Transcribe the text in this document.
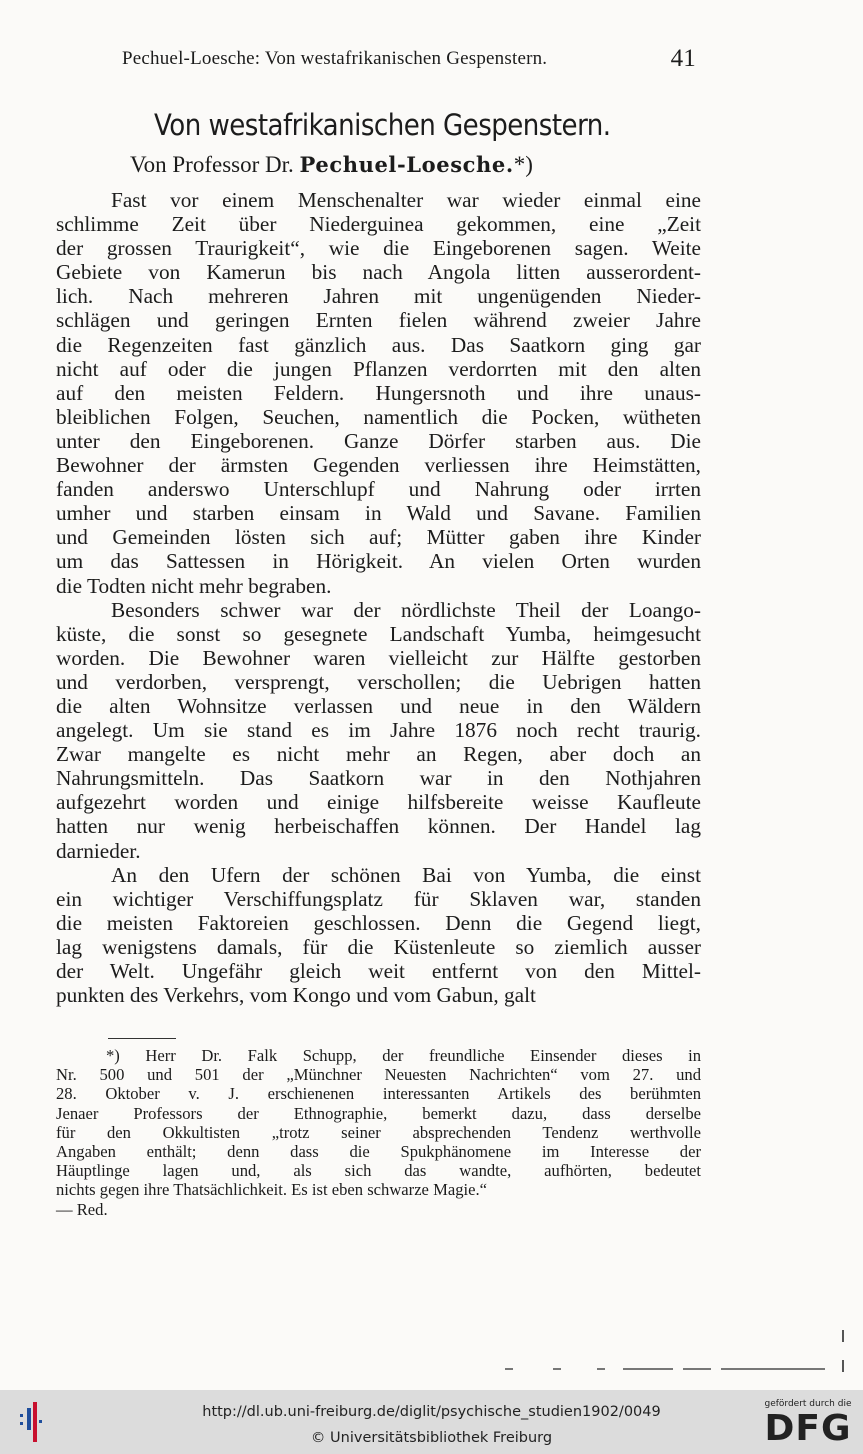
Pechuel-Loesche: Von westafrikanischen Gespenstern.	41
Von westafrikanischen Gespenstern.
Von Professor Dr. Pechuel-Loesche.*)
Fast vor einem Menschenalter war wieder einmal eine
schlimme Zeit über Niederguinea gekommen, eine „Zeit
der grossen Traurigkeit“, wie die Eingeborenen sagen. Weite
Gebiete von Kamerun bis nach Angola litten ausserordent-
lich. Nach mehreren Jahren mit ungenügenden Nieder-
schlägen und geringen Ernten fielen während zweier Jahre
die Regenzeiten fast gänzlich aus. Das Saatkorn ging gar
nicht auf oder die jungen Pflanzen verdorrten mit den alten
auf den meisten Feldern. Hungersnoth und ihre unaus-
bleiblichen Folgen, Seuchen, namentlich die Pocken, wütheten
unter den Eingeborenen. Ganze Dörfer starben aus. Die
Bewohner der ärmsten Gegenden verliessen ihre Heimstätten,
fanden anderswo Unterschlupf und Nahrung oder irrten
umher und starben einsam in Wald und Savane. Familien
und Gemeinden lösten sich auf; Mütter gaben ihre Kinder
um das Sattessen in Hörigkeit. An vielen Orten wurden
die Todten nicht mehr begraben.
Besonders schwer war der nördlichste Theil der Loango-
küste, die sonst so gesegnete Landschaft Yumba, heimgesucht
worden. Die Bewohner waren vielleicht zur Hälfte gestorben
und verdorben, versprengt, verschollen; die Uebrigen hatten
die alten Wohnsitze verlassen und neue in den Wäldern
angelegt. Um sie stand es im Jahre 1876 noch recht traurig.
Zwar mangelte es nicht mehr an Regen, aber doch an
Nahrungsmitteln. Das Saatkorn war in den Nothjahren
aufgezehrt worden und einige hilfsbereite weisse Kaufleute
hatten nur wenig herbeischaffen können. Der Handel lag
darnieder.
An den Ufern der schönen Bai von Yumba, die einst
ein wichtiger Verschiffungsplatz für Sklaven war, standen
die meisten Faktoreien geschlossen. Denn die Gegend liegt,
lag wenigstens damals, für die Küstenleute so ziemlich ausser
der Welt. Ungefähr gleich weit entfernt von den Mittel-
punkten des Verkehrs, vom Kongo und vom Gabun, galt
*) Herr Dr. Falk Schupp, der freundliche Einsender dieses in
Nr. 500 und 501 der „Münchner Neuesten Nachrichten“ vom 27. und
28. Oktober v. J. erschienenen interessanten Artikels des berühmten
Jenaer Professors der Ethnographie, bemerkt dazu, dass derselbe
für den Okkultisten „trotz seiner absprechenden Tendenz werthvolle
Angaben enthält; denn dass die Spukphänomene im Interesse der
Häuptlinge lagen und, als sich das wandte, aufhörten, bedeutet
nichts gegen ihre Thatsächlichkeit. Es ist eben schwarze Magie.“
— Red.
http://dl.ub.uni-freiburg.de/diglit/psychische_studien1902/0049
© Universitätsbibliothek Freiburg
gefördert durch die
DFG
